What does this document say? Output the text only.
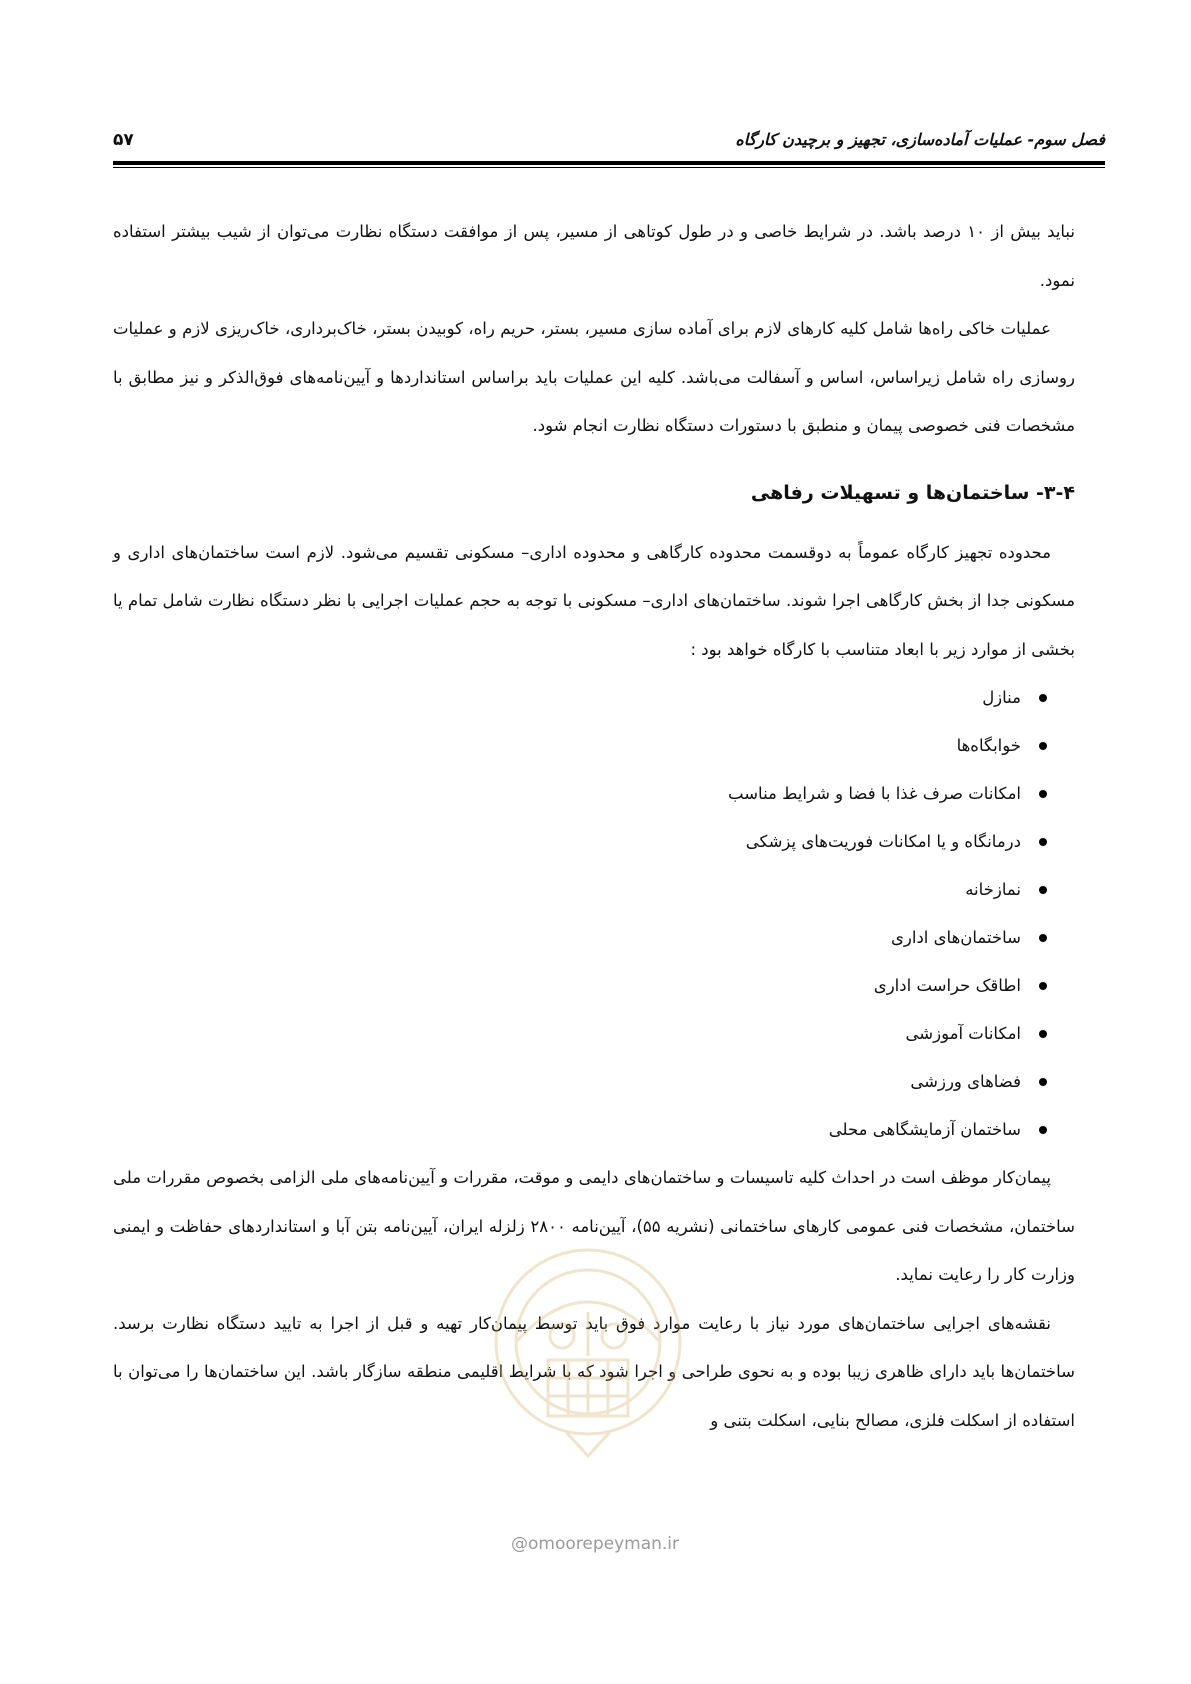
فصل سوم- عملیات آماده‌سازی، تجهیز و برچیدن کارگاه
۵۷

نباید بیش از ۱۰ درصد باشد. در شرایط خاصی و در طول کوتاهی از مسیر، پس از موافقت دستگاه نظارت می‌توان از شیب بیشتر استفاده نمود.

عملیات خاکی راه‌ها شامل کلیه کارهای لازم برای آماده سازی مسیر، بستر، حریم راه، کوبیدن بستر، خاک‌برداری، خاک‌ریزی لازم و عملیات روسازی راه شامل زیراساس، اساس و آسفالت می‌باشد. کلیه این عملیات باید براساس استانداردها و آیین‌نامه‌های فوق‌الذکر و نیز مطابق با مشخصات فنی خصوصی پیمان و منطبق با دستورات دستگاه نظارت انجام شود.

۳-۴- ساختمان‌ها و تسهیلات رفاهی

محدوده تجهیز کارگاه عموماً به دوقسمت محدوده کارگاهی و محدوده اداری– مسکونی تقسیم می‌شود. لازم است ساختمان‌های اداری و مسکونی جدا از بخش کارگاهی اجرا شوند. ساختمان‌های اداری– مسکونی با توجه به حجم عملیات اجرایی با نظر دستگاه نظارت شامل تمام یا بخشی از موارد زیر با ابعاد متناسب با کارگاه خواهد بود :

منازل
خوابگاه‌ها
امکانات صرف غذا با فضا و شرایط مناسب
درمانگاه و یا امکانات فوریت‌های پزشکی
نمازخانه
ساختمان‌های اداری
اطاقک حراست اداری
امکانات آموزشی
فضاهای ورزشی
ساختمان آزمایشگاهی محلی

پیمان‌کار موظف است در احداث کلیه تاسیسات و ساختمان‌های دایمی و موقت، مقررات و آیین‌نامه‌های ملی الزامی بخصوص مقررات ملی ساختمان، مشخصات فنی عمومی کارهای ساختمانی (نشریه ۵۵)، آیین‌نامه ۲۸۰۰ زلزله ایران، آیین‌نامه بتن آبا و استانداردهای حفاظت و ایمنی وزارت کار را رعایت نماید.

نقشه‌های اجرایی ساختمان‌های مورد نیاز با رعایت موارد فوق باید توسط پیمان‌کار تهیه و قبل از اجرا به تایید دستگاه نظارت برسد. ساختمان‌ها باید دارای ظاهری زیبا بوده و به نحوی طراحی و اجرا شود که با شرایط اقلیمی منطقه سازگار باشد. این ساختمان‌ها را می‌توان با استفاده از اسکلت فلزی، مصالح بنایی، اسکلت بتنی و

@omoorepeyman.ir
